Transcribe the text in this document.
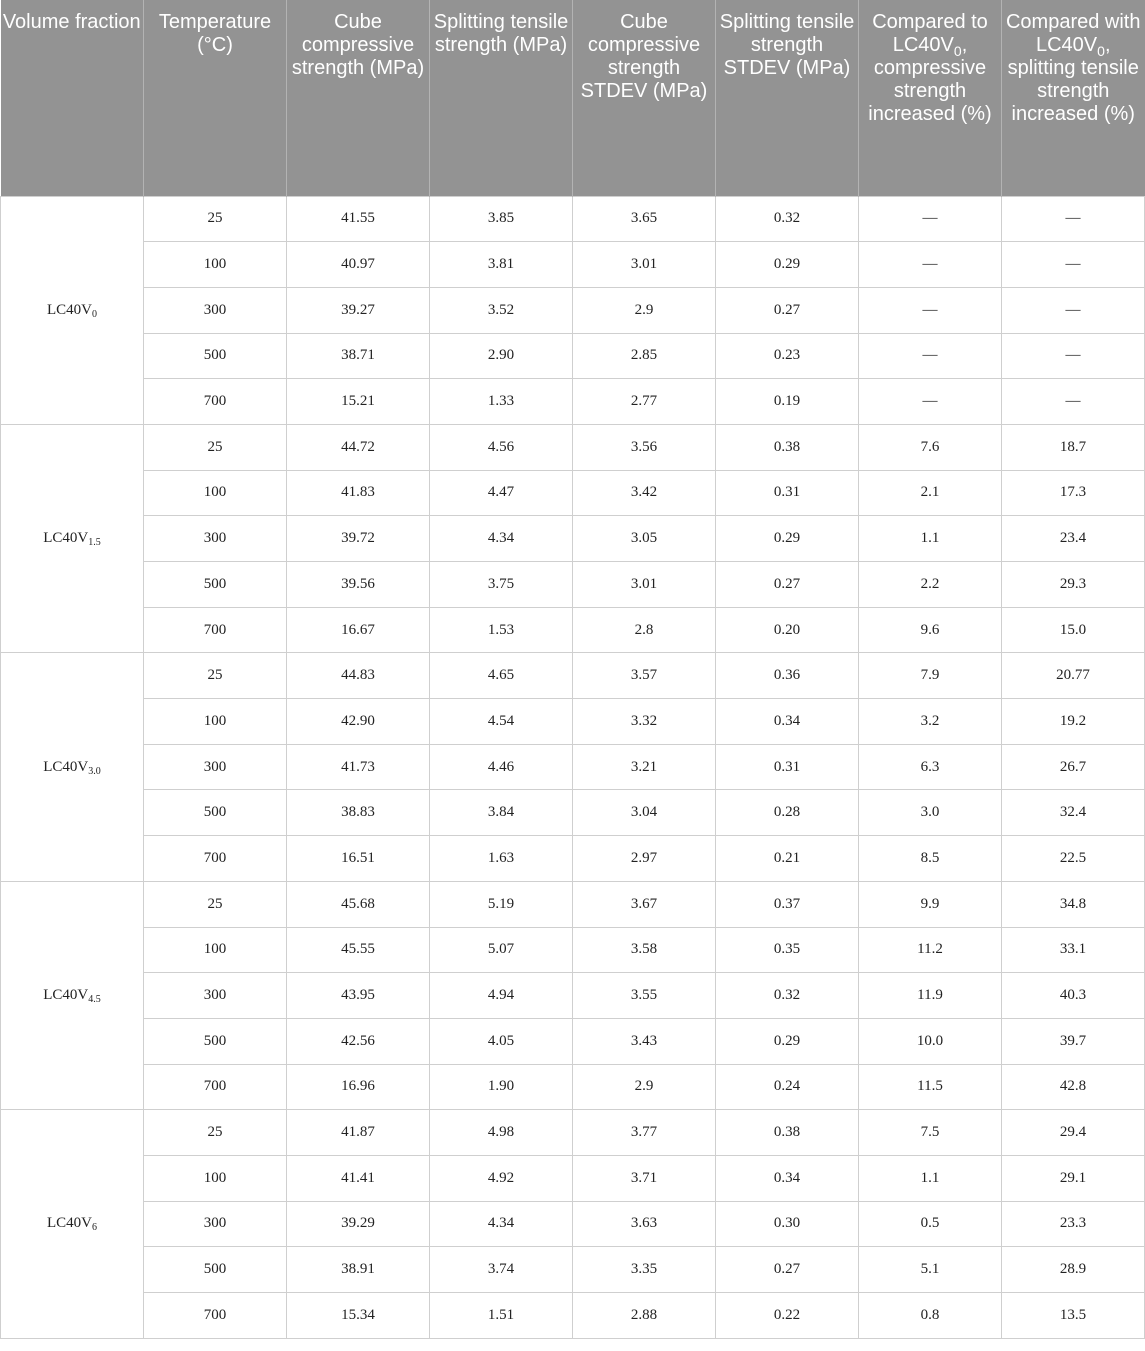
Volume fraction	Temperature (°C)	Cube compressive strength (MPa)	Splitting tensile strength (MPa)	Cube compressive strength STDEV (MPa)	Splitting tensile strength STDEV (MPa)	Compared to $LC40V_0$, compressive strength increased (%)	Compared with $LC40V_0$, splitting tensile strength increased (%)
$LC40V_0$	25	41.55	3.85	3.65	0.32	—	—
	100	40.97	3.81	3.01	0.29	—	—
	300	39.27	3.52	2.9	0.27	—	—
	500	38.71	2.90	2.85	0.23	—	—
	700	15.21	1.33	2.77	0.19	—	—
$LC40V_{1.5}$	25	44.72	4.56	3.56	0.38	7.6	18.7
	100	41.83	4.47	3.42	0.31	2.1	17.3
	300	39.72	4.34	3.05	0.29	1.1	23.4
	500	39.56	3.75	3.01	0.27	2.2	29.3
	700	16.67	1.53	2.8	0.20	9.6	15.0
$LC40V_{3.0}$	25	44.83	4.65	3.57	0.36	7.9	20.77
	100	42.90	4.54	3.32	0.34	3.2	19.2
	300	41.73	4.46	3.21	0.31	6.3	26.7
	500	38.83	3.84	3.04	0.28	3.0	32.4
	700	16.51	1.63	2.97	0.21	8.5	22.5
$LC40V_{4.5}$	25	45.68	5.19	3.67	0.37	9.9	34.8
	100	45.55	5.07	3.58	0.35	11.2	33.1
	300	43.95	4.94	3.55	0.32	11.9	40.3
	500	42.56	4.05	3.43	0.29	10.0	39.7
	700	16.96	1.90	2.9	0.24	11.5	42.8
$LC40V_6$	25	41.87	4.98	3.77	0.38	7.5	29.4
	100	41.41	4.92	3.71	0.34	1.1	29.1
	300	39.29	4.34	3.63	0.30	0.5	23.3
	500	38.91	3.74	3.35	0.27	5.1	28.9
	700	15.34	1.51	2.88	0.22	0.8	13.5
